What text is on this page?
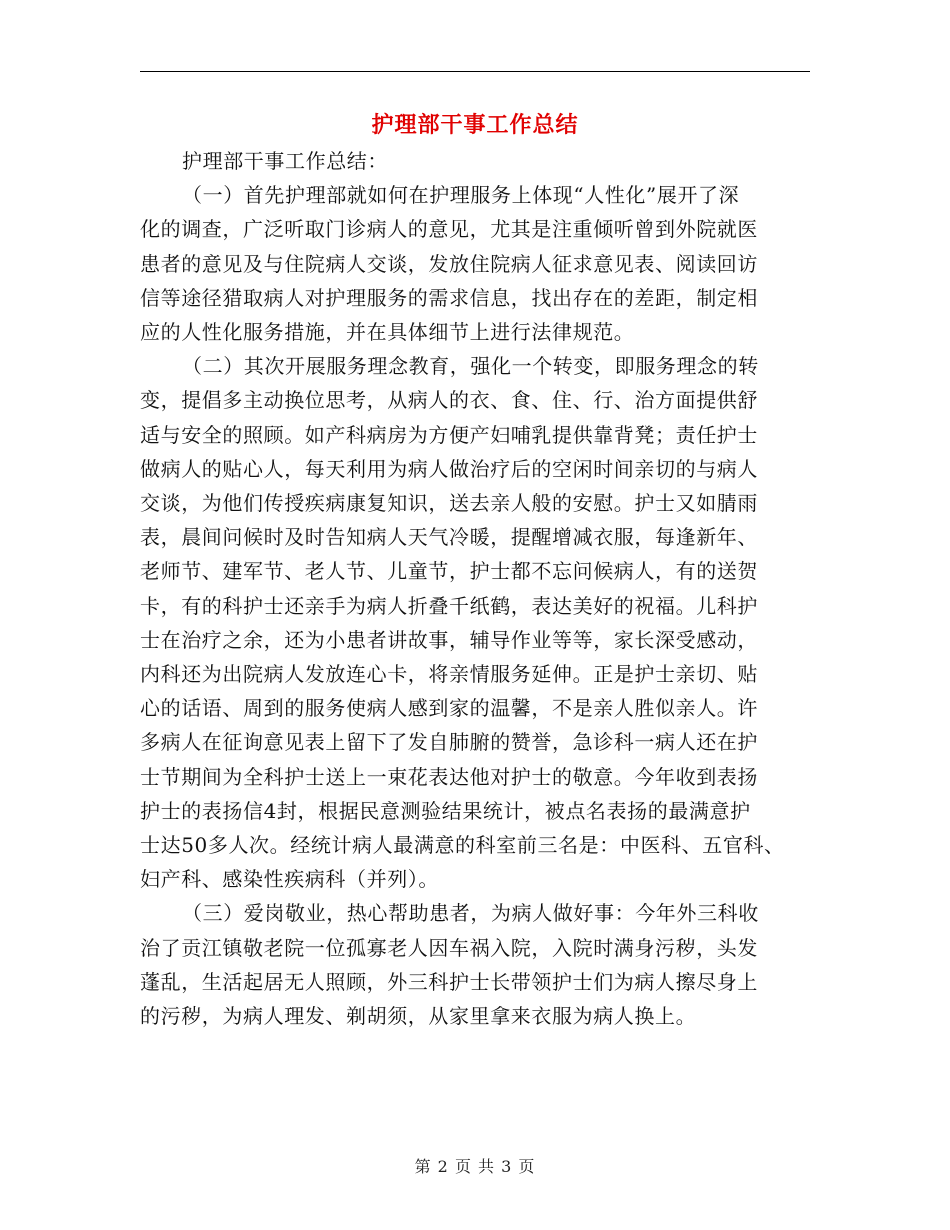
护理部干事工作总结

护理部干事工作总结：

（一）首先护理部就如何在护理服务上体现“人性化”展开了深
化的调查，广泛听取门诊病人的意见，尤其是注重倾听曾到外院就医
患者的意见及与住院病人交谈，发放住院病人征求意见表、阅读回访
信等途径猎取病人对护理服务的需求信息，找出存在的差距，制定相
应的人性化服务措施，并在具体细节上进行法律规范。

（二）其次开展服务理念教育，强化一个转变，即服务理念的转
变，提倡多主动换位思考，从病人的衣、食、住、行、治方面提供舒
适与安全的照顾。如产科病房为方便产妇哺乳提供靠背凳；责任护士
做病人的贴心人，每天利用为病人做治疗后的空闲时间亲切的与病人
交谈，为他们传授疾病康复知识，送去亲人般的安慰。护士又如腈雨
表，晨间问候时及时告知病人天气冷暖，提醒增减衣服，每逢新年、
老师节、建军节、老人节、儿童节，护士都不忘问候病人，有的送贺
卡，有的科护士还亲手为病人折叠千纸鹤，表达美好的祝福。儿科护
士在治疗之余，还为小患者讲故事，辅导作业等等，家长深受感动，
内科还为出院病人发放连心卡，将亲情服务延伸。正是护士亲切、贴
心的话语、周到的服务使病人感到家的温馨，不是亲人胜似亲人。许
多病人在征询意见表上留下了发自肺腑的赞誉，急诊科一病人还在护
士节期间为全科护士送上一束花表达他对护士的敬意。今年收到表扬
护士的表扬信4封，根据民意测验结果统计，被点名表扬的最满意护
士达50多人次。经统计病人最满意的科室前三名是：中医科、五官科、
妇产科、感染性疾病科（并列）。

（三）爱岗敬业，热心帮助患者，为病人做好事：今年外三科收
治了贡江镇敬老院一位孤寡老人因车祸入院，入院时满身污秽，头发
蓬乱，生活起居无人照顾，外三科护士长带领护士们为病人擦尽身上
的污秽，为病人理发、剃胡须，从家里拿来衣服为病人换上。

第 2 页 共 3 页
